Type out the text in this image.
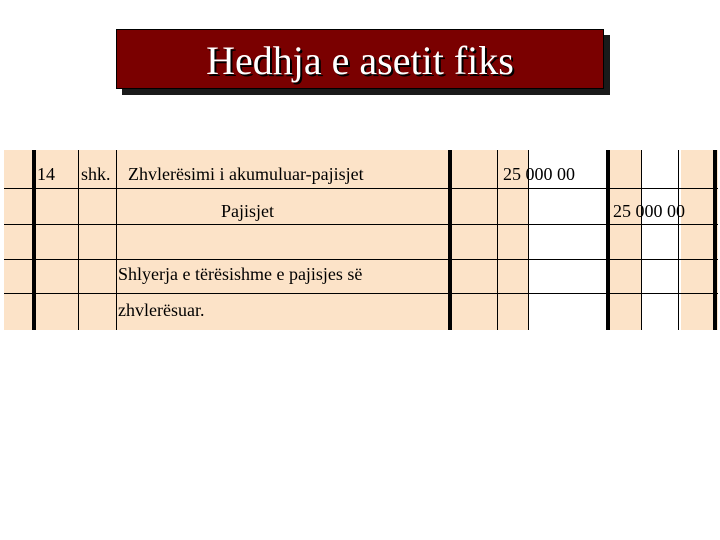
Hedhja e asetit fiks
14 shk. Zhvlerësimi i akumuluar-pajisjet	25 000 00
Pajisjet	25 000 00
Shlyerja e tërësishme e pajisjes së
zhvlerësuar.
